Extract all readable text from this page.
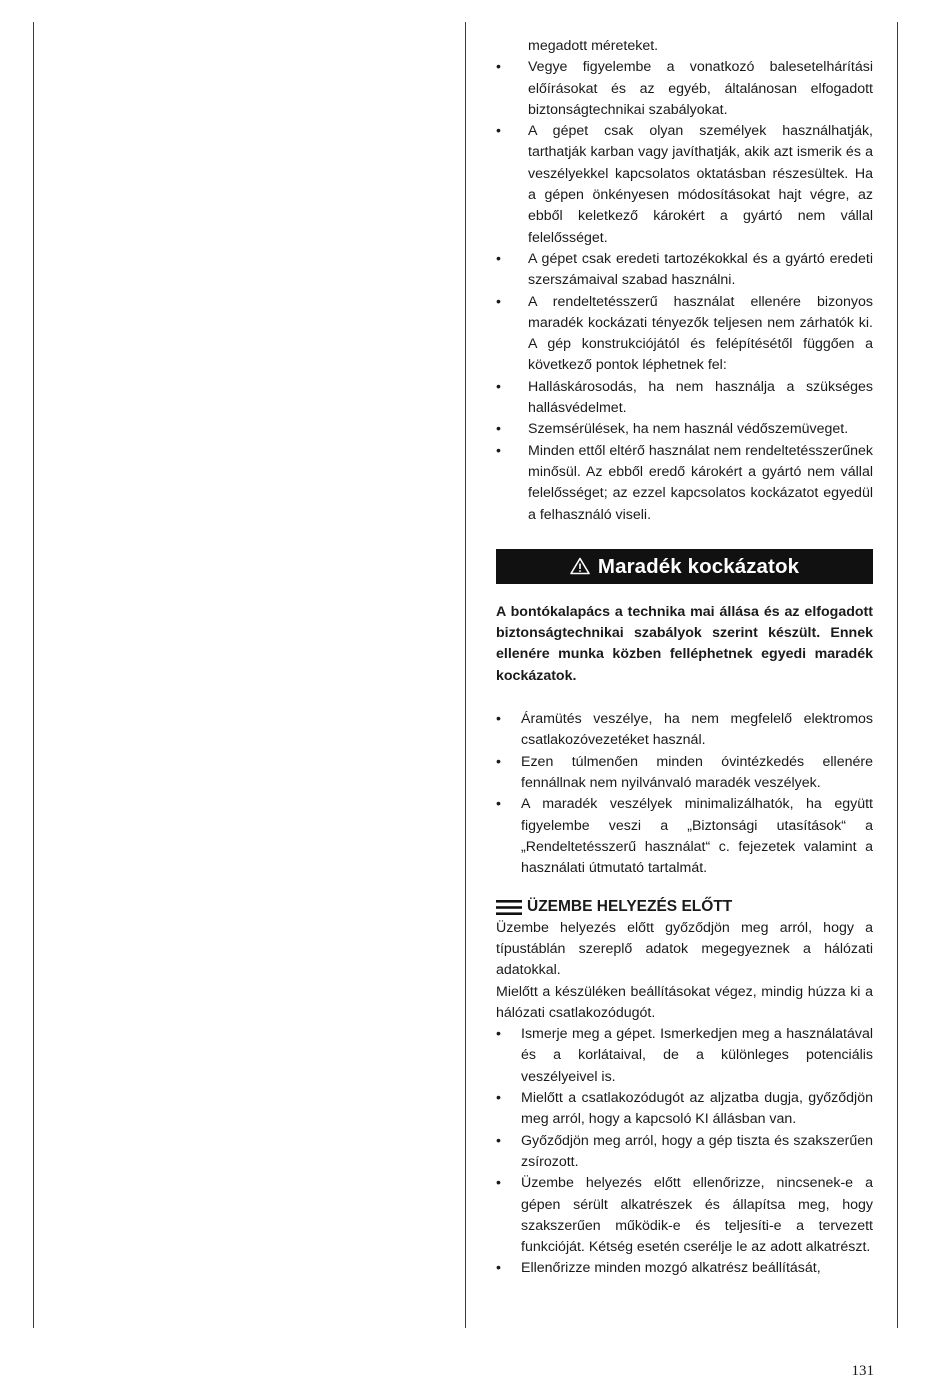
megadott méreteket.
• Vegye figyelembe a vonatkozó balesetelhárítási előírásokat és az egyéb, általánosan elfogadott biztonságtechnikai szabályokat.
• A gépet csak olyan személyek használhatják, tarthatják karban vagy javíthatják, akik azt ismerik és a veszélyekkel kapcsolatos oktatásban részesültek. Ha a gépen önkényesen módosításokat hajt végre, az ebből keletkező károkért a gyártó nem vállal felelősséget.
• A gépet csak eredeti tartozékokkal és a gyártó eredeti szerszámaival szabad használni.
• A rendeltetésszerű használat ellenére bizonyos maradék kockázati tényezők teljesen nem zárhatók ki. A gép konstrukciójától és felépítésétől függően a következő pontok léphetnek fel:
• Halláskárosodás, ha nem használja a szükséges hallásvédelmet.
• Szemsérülések, ha nem használ védőszemüveget.
• Minden ettől eltérő használat nem rendeltetésszerűnek minősül. Az ebből eredő károkért a gyártó nem vállal felelősséget; az ezzel kapcsolatos kockázatot egyedül a felhasználó viseli.
Maradék kockázatok
A bontókalapács a technika mai állása és az elfogadott biztonságtechnikai szabályok szerint készült. Ennek ellenére munka közben felléphetnek egyedi maradék kockázatok.
• Áramütés veszélye, ha nem megfelelő elektromos csatlakozóvezetéket használ.
• Ezen túlmenően minden óvintézkedés ellenére fennállnak nem nyilvánvaló maradék veszélyek.
• A maradék veszélyek minimalizálhatók, ha együtt figyelembe veszi a „Biztonsági utasítások“ a „Rendeltetésszerű használat“ c. fejezetek valamint a használati útmutató tartalmát.
ÜZEMBE HELYEZÉS ELŐTT
Üzembe helyezés előtt győződjön meg arról, hogy a típustáblán szereplő adatok megegyeznek a hálózati adatokkal.
Mielőtt a készüléken beállításokat végez, mindig húzza ki a hálózati csatlakozódugót.
• Ismerje meg a gépet. Ismerkedjen meg a használatával és a korlátaival, de a különleges potenciális veszélyeivel is.
• Mielőtt a csatlakozódugót az aljzatba dugja, győződjön meg arról, hogy a kapcsoló KI állásban van.
• Győződjön meg arról, hogy a gép tiszta és szakszerűen zsírozott.
• Üzembe helyezés előtt ellenőrizze, nincsenek-e a gépen sérült alkatrészek és állapítsa meg, hogy szakszerűen működik-e és teljesíti-e a tervezett funkcióját. Kétség esetén cserélje le az adott alkatrészt.
• Ellenőrizze minden mozgó alkatrész beállítását,
131
